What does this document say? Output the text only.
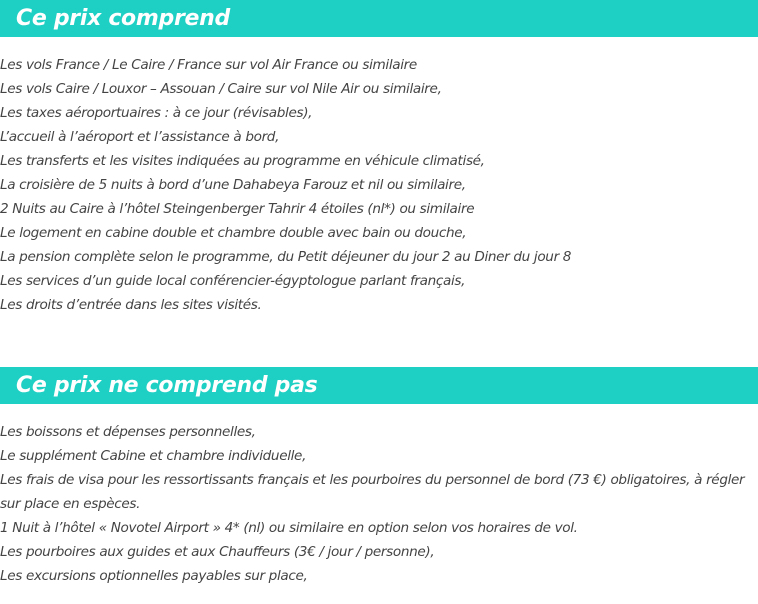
Ce prix comprend
Les vols France / Le Caire / France sur vol Air France ou similaire
Les vols Caire / Louxor – Assouan / Caire sur vol Nile Air ou similaire,
Les taxes aéroportuaires : à ce jour (révisables),
L’accueil à l’aéroport et l’assistance à bord,
Les transferts et les visites indiquées au programme en véhicule climatisé,
La croisière de 5 nuits à bord d’une Dahabeya Farouz et nil ou similaire,
2 Nuits au Caire à l’hôtel Steingenberger Tahrir 4 étoiles (nl*) ou similaire
Le logement en cabine double et chambre double avec bain ou douche,
La pension complète selon le programme, du Petit déjeuner du jour 2 au Diner du jour 8
Les services d’un guide local conférencier-égyptologue parlant français,
Les droits d’entrée dans les sites visités.
Ce prix ne comprend pas
Les boissons et dépenses personnelles,
Le supplément Cabine et chambre individuelle,
Les frais de visa pour les ressortissants français et les pourboires du personnel de bord (73 €) obligatoires, à régler sur place en espèces.
1 Nuit à l’hôtel « Novotel Airport » 4* (nl) ou similaire en option selon vos horaires de vol.
Les pourboires aux guides et aux Chauffeurs (3€ / jour / personne),
Les excursions optionnelles payables sur place,
